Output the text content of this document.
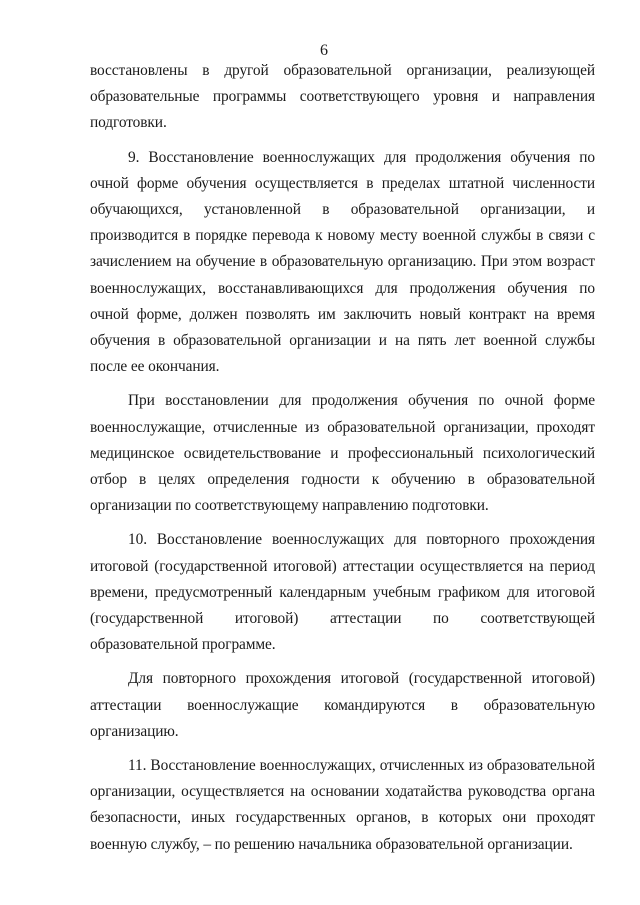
6

восстановлены в другой образовательной организации, реализующей образовательные программы соответствующего уровня и направления подготовки.

9. Восстановление военнослужащих для продолжения обучения по очной форме обучения осуществляется в пределах штатной численности обучающихся, установленной в образовательной организации, и производится в порядке перевода к новому месту военной службы в связи с зачислением на обучение в образовательную организацию. При этом возраст военнослужащих, восстанавливающихся для продолжения обучения по очной форме, должен позволять им заключить новый контракт на время обучения в образовательной организации и на пять лет военной службы после ее окончания.

При восстановлении для продолжения обучения по очной форме военнослужащие, отчисленные из образовательной организации, проходят медицинское освидетельствование и профессиональный психологический отбор в целях определения годности к обучению в образовательной организации по соответствующему направлению подготовки.

10. Восстановление военнослужащих для повторного прохождения итоговой (государственной итоговой) аттестации осуществляется на период времени, предусмотренный календарным учебным графиком для итоговой (государственной итоговой) аттестации по соответствующей образовательной программе.

Для повторного прохождения итоговой (государственной итоговой) аттестации военнослужащие командируются в образовательную организацию.

11. Восстановление военнослужащих, отчисленных из образовательной организации, осуществляется на основании ходатайства руководства органа безопасности, иных государственных органов, в которых они проходят военную службу, – по решению начальника образовательной организации.
